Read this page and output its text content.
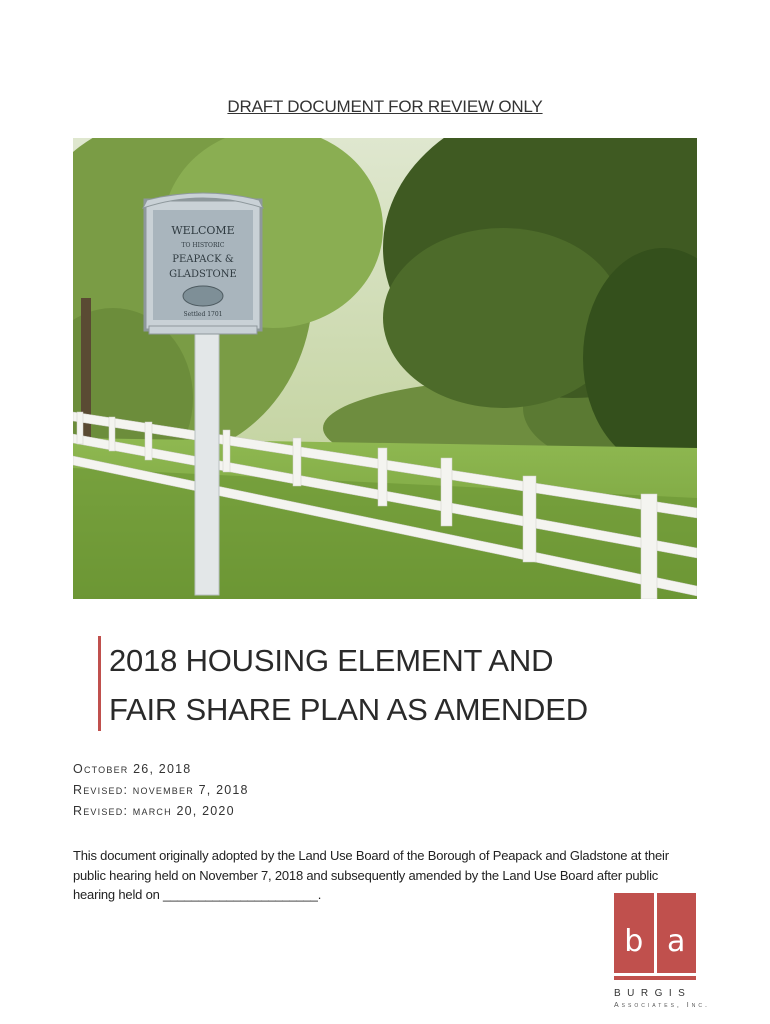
DRAFT DOCUMENT FOR REVIEW ONLY
WELCOME
TO HISTORIC
PEAPACK &
GLADSTONE
Settled 1701
2018 HOUSING ELEMENT AND
FAIR SHARE PLAN AS AMENDED
October 26, 2018
Revised: november 7, 2018
Revised: march 20, 2020
This document originally adopted by the Land Use Board of the Borough of Peapack and Gladstone at their public hearing held on November 7, 2018 and subsequently amended by the Land Use Board after public hearing held on ______________________.
b a
BURGIS
Associates, Inc.
